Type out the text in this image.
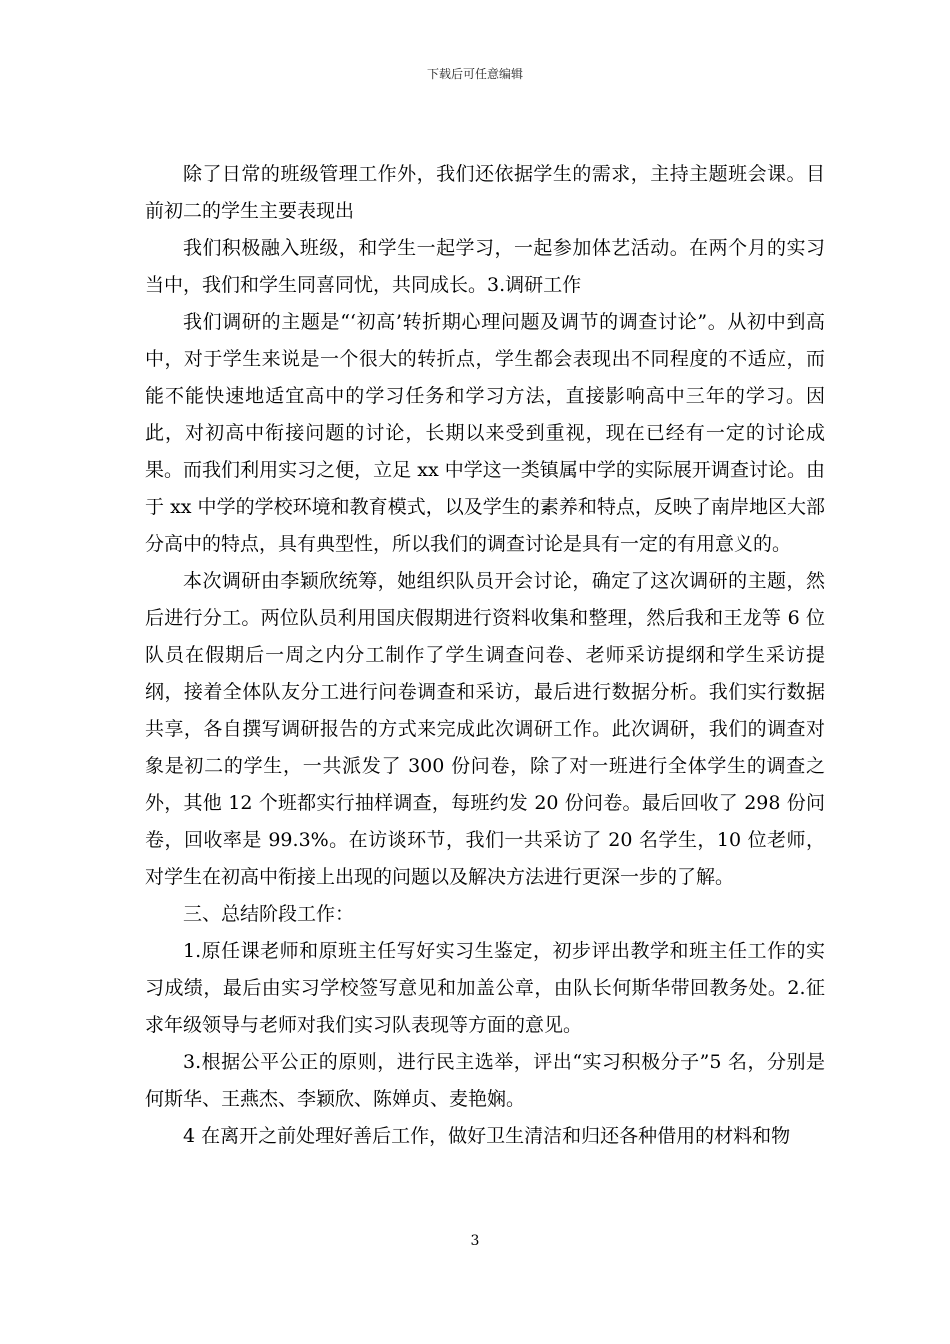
下载后可任意编辑

除了日常的班级管理工作外，我们还依据学生的需求，主持主题班会课。目前初二的学生主要表现出

我们积极融入班级，和学生一起学习，一起参加体艺活动。在两个月的实习当中，我们和学生同喜同忧，共同成长。3.调研工作

我们调研的主题是“‘初高’转折期心理问题及调节的调查讨论”。从初中到高中，对于学生来说是一个很大的转折点，学生都会表现出不同程度的不适应，而能不能快速地适宜高中的学习任务和学习方法，直接影响高中三年的学习。因此，对初高中衔接问题的讨论，长期以来受到重视，现在已经有一定的讨论成果。而我们利用实习之便，立足 xx 中学这一类镇属中学的实际展开调查讨论。由于 xx 中学的学校环境和教育模式，以及学生的素养和特点，反映了南岸地区大部分高中的特点，具有典型性，所以我们的调查讨论是具有一定的有用意义的。

本次调研由李颖欣统筹，她组织队员开会讨论，确定了这次调研的主题，然后进行分工。两位队员利用国庆假期进行资料收集和整理，然后我和王龙等 6 位队员在假期后一周之内分工制作了学生调查问卷、老师采访提纲和学生采访提纲，接着全体队友分工进行问卷调查和采访，最后进行数据分析。我们实行数据共享，各自撰写调研报告的方式来完成此次调研工作。此次调研，我们的调查对象是初二的学生，一共派发了 300 份问卷，除了对一班进行全体学生的调查之外，其他 12 个班都实行抽样调查，每班约发 20 份问卷。最后回收了 298 份问卷，回收率是 99.3%。在访谈环节，我们一共采访了 20 名学生，10 位老师，对学生在初高中衔接上出现的问题以及解决方法进行更深一步的了解。

三、总结阶段工作：

1.原任课老师和原班主任写好实习生鉴定，初步评出教学和班主任工作的实习成绩，最后由实习学校签写意见和加盖公章，由队长何斯华带回教务处。2.征求年级领导与老师对我们实习队表现等方面的意见。

3.根据公平公正的原则，进行民主选举，评出“实习积极分子”5 名，分别是何斯华、王燕杰、李颖欣、陈婵贞、麦艳娴。

4 在离开之前处理好善后工作，做好卫生清洁和归还各种借用的材料和物

3
